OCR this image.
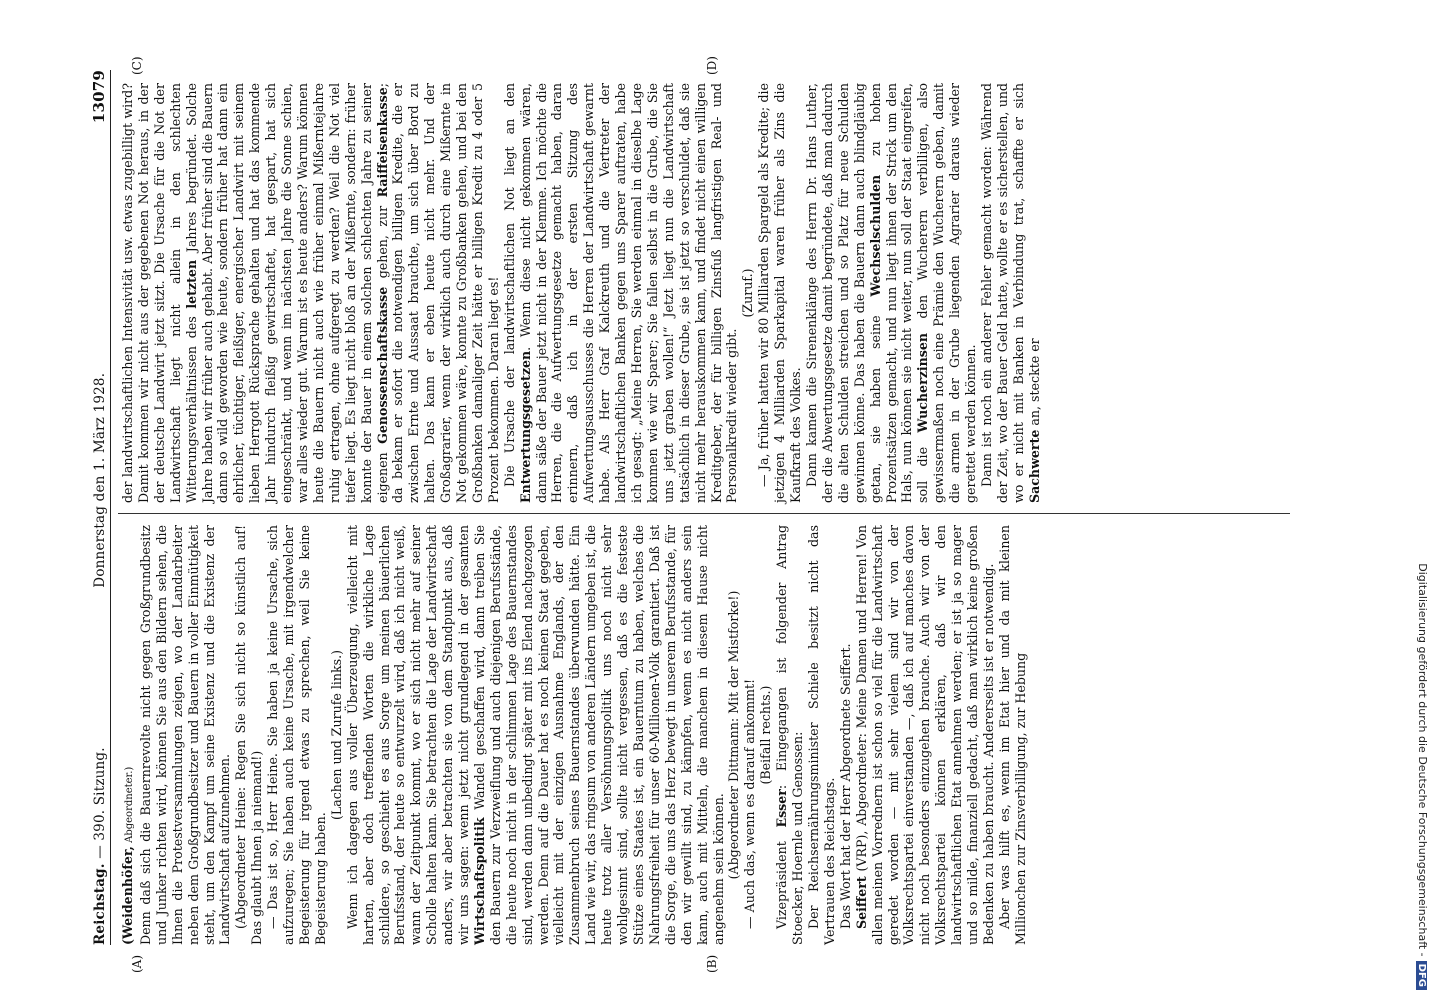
Reichstag. — 390. Sitzung.
Donnerstag den 1. März 1928.
13079
(A)	(B)
(C)	(D)

(Weidenhöfer, Abgeordneter.) Denn daß sich die Bauernrevolte nicht gegen Großgrundbesitz und Junker richten wird, können Sie aus den Bildern sehen, die Ihnen die Protestversammlungen zeigen, wo der Landarbeiter neben dem Großgrundbesitzer und Bauern in voller Einmütigkeit steht, um den Kampf um seine Existenz und die Existenz der Landwirtschaft aufzunehmen. (Abgeordneter Heine: Regen Sie sich nicht so künstlich auf! Das glaubt Ihnen ja niemand!) — Das ist so, Herr Heine. Sie haben ja keine Ursache, sich aufzuregen; Sie haben auch keine Ursache, mit irgendwelcher Begeisterung für irgend etwas zu sprechen, weil Sie keine Begeisterung haben.

(Lachen und Zurufe links.) Wenn ich dagegen aus voller Überzeugung, vielleicht mit harten, aber doch treffenden Worten die wirkliche Lage schildere, so geschieht es aus Sorge um meinen bäuerlichen Berufsstand, der heute so entwurzelt wird, daß ich nicht weiß, wann der Zeitpunkt kommt, wo er sich nicht mehr auf seiner Scholle halten kann. Sie betrachten die Lage der Landwirtschaft anders, wir aber betrachten sie von dem Standpunkt aus, daß wir uns sagen: wenn jetzt nicht grundlegend in der gesamten Wirtschaftspolitik Wandel geschaffen wird, dann treiben Sie den Bauern zur Verzweiflung und auch diejenigen Berufsstände, die heute noch nicht in der schlimmen Lage des Bauernstandes sind, werden dann unbedingt später mit ins Elend nachgezogen werden. Denn auf die Dauer hat es noch keinen Staat gegeben, vielleicht mit der einzigen Ausnahme Englands, der den Zusammenbruch seines Bauernstandes überwunden hätte. Ein Land wie wir, das ringsum von anderen Ländern umgeben ist, die heute trotz aller Versöhnungspolitik uns noch nicht sehr wohlgesinnt sind, sollte nicht vergessen, daß es die festeste Stütze eines Staates ist, ein Bauerntum zu haben, welches die Nahrungsfreiheit für unser 60-Millionen-Volk garantiert. Daß ist die Sorge, die uns das Herz bewegt in unserem Berufsstande, für den wir gewillt sind, zu kämpfen, wenn es nicht anders sein kann, auch mit Mitteln, die manchem in diesem Hause nicht angenehm sein können. (Abgeordneter Dittmann: Mit der Mistforke!) — Auch das, wenn es darauf ankommt! (Beifall rechts.)

Vizepräsident Esser: Eingegangen ist folgender Antrag Stoecker, Hoernle und Genossen: Der Reichsernährungsminister Schiele besitzt nicht das Vertrauen des Reichstags. Das Wort hat der Herr Abgeordnete Seiffert. Seiffert (VRP), Abgeordneter: Meine Damen und Herren! Von allen meinen Vorrednern ist schon so viel für die Landwirtschaft geredet worden — mit sehr vielem sind wir von der Volksrechtspartei einverstanden —, daß ich auf manches davon nicht noch besonders einzugehen brauche. Auch wir von der Volksrechtspartei können erklären, daß wir den landwirtschaftlichen Etat annehmen werden; er ist ja so mager und so milde, finanziell gedacht, daß man wirklich keine großen Bedenken zu haben braucht. Andererseits ist er notwendig. Aber was hilft es, wenn im Etat hier und da mit kleinen Millionchen zur Zinsverbilligung, zur Hebung

der landwirtschaftlichen Intensivität usw. etwas zugebilligt wird? Damit kommen wir nicht aus der gegebenen Not heraus, in der der deutsche Landwirt jetzt sitzt. Die Ursache für die Not der Landwirtschaft liegt nicht allein in den schlechten Witterungsverhältnissen des letzten Jahres begründet. Solche Jahre haben wir früher auch gehabt. Aber früher sind die Bauern dann so wild geworden wie heute, sondern früher hat dann ein ehrlicher, tüchtiger, fleißiger, energischer Landwirt mit seinem lieben Herrgott Rücksprache gehalten und hat das kommende Jahr hindurch fleißig gewirtschaftet, hat gespart, hat sich eingeschränkt, und wenn im nächsten Jahre die Sonne schien, war alles wieder gut. Warum ist es heute anders? Warum können heute die Bauern nicht auch wie früher einmal Mißerntejahre ruhig ertragen, ohne aufgeregt zu werden? Weil die Not viel tiefer liegt. Es liegt nicht bloß an der Mißernte, sondern: früher konnte der Bauer in einem solchen schlechten Jahre zu seiner eigenen Genossenschaftskasse gehen, zur Raiffeisenkasse; da bekam er sofort die notwendigen billigen Kredite, die er zwischen Ernte und Aussaat brauchte, um sich über Bord zu halten. Das kann er eben heute nicht mehr. Und der Großagrarier, wenn der wirklich auch durch eine Mißernte in Not gekommen wäre, konnte zu Großbanken gehen, und bei den Großbanken damaliger Zeit hätte er billigen Kredit zu 4 oder 5 Prozent bekommen. Daran liegt es! Die Ursache der landwirtschaftlichen Not liegt an den Entwertungsgesetzen. Wenn diese nicht gekommen wären, dann säße der Bauer jetzt nicht in der Klemme. Ich möchte die Herren, die die Aufwertungsgesetze gemacht haben, daran erinnern, daß ich in der ersten Sitzung des Aufwertungsausschusses die Herren der Landwirtschaft gewarnt habe. Als Herr Graf Kalckreuth und die Vertreter der landwirtschaftlichen Banken gegen uns Sparer auftraten, habe ich gesagt: „Meine Herren, Sie werden einmal in dieselbe Lage kommen wie wir Sparer; Sie fallen selbst in die Grube, die Sie uns jetzt graben wollen!“ Jetzt liegt nun die Landwirtschaft tatsächlich in dieser Grube, sie ist jetzt so verschuldet, daß sie nicht mehr herauskommen kann, und findet nicht einen willigen Kreditgeber, der für billigen Zinsfuß langfristigen Real- und Personalkredit wieder gibt.

(Zuruf.) — Ja, früher hatten wir 80 Milliarden Spargeld als Kredite; die jetzigen 4 Milliarden Sparkapital waren früher als Zins die Kaufkraft des Volkes. Dann kamen die Sirenenklänge des Herrn Dr. Hans Luther, der die Abwertungsgesetze damit begründete, daß man dadurch die alten Schulden streichen und so Platz für neue Schulden gewinnen könne. Das haben die Bauern dann auch blindgläubig getan, sie haben seine Wechselschulden zu hohen Prozentsätzen gemacht, und nun liegt ihnen der Strick um den Hals, nun können sie nicht weiter, nun soll der Staat eingreifen, soll die Wucherzinsen den Wucherern verbilligen, also gewissermaßen noch eine Prämie den Wucherern geben, damit die armen in der Grube liegenden Agrarier daraus wieder gerettet werden können. Dann ist noch ein anderer Fehler gemacht worden: Während der Zeit, wo der Bauer Geld hatte, wollte er es sicherstellen, und wo er nicht mit Banken in Verbindung trat, schaffte er sich Sachwerte an, steckte er

Digitalisierung gefördert durch die Deutsche Forschungsgemeinschaft -DFG
